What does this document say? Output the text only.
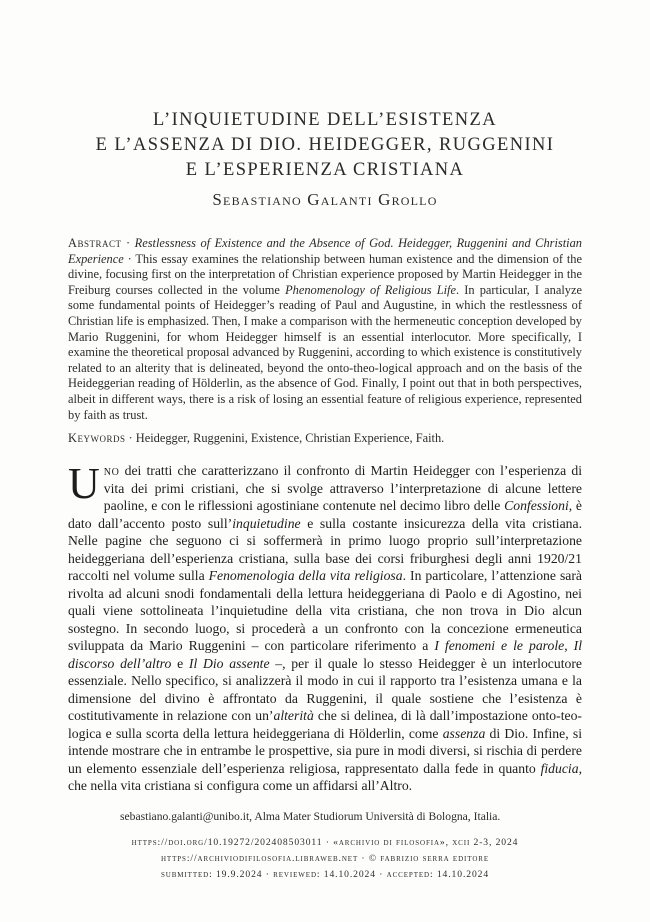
L’INQUIETUDINE DELL’ESISTENZA
E L’ASSENZA DI DIO. HEIDEGGER, RUGGENINI
E L’ESPERIENZA CRISTIANA
Sebastiano Galanti Grollo
Abstract · Restlessness of Existence and the Absence of God. Heidegger, Ruggenini and Christian Experience · This essay examines the relationship between human existence and the dimension of the divine, focusing first on the interpretation of Christian experience proposed by Martin Heidegger in the Freiburg courses collected in the volume Phenomenology of Religious Life. In particular, I analyze some fundamental points of Heidegger’s reading of Paul and Augustine, in which the restlessness of Christian life is emphasized. Then, I make a comparison with the hermeneutic conception developed by Mario Ruggenini, for whom Heidegger himself is an essential interlocutor. More specifically, I examine the theoretical proposal advanced by Ruggenini, according to which existence is constitutively related to an alterity that is delineated, beyond the onto-theo-logical approach and on the basis of the Heideggerian reading of Hölderlin, as the absence of God. Finally, I point out that in both perspectives, albeit in different ways, there is a risk of losing an essential feature of religious experience, represented by faith as trust.
Keywords · Heidegger, Ruggenini, Existence, Christian Experience, Faith.
Uno dei tratti che caratterizzano il confronto di Martin Heidegger con l’esperienza di vita dei primi cristiani, che si svolge attraverso l’interpretazione di alcune lettere paoline, e con le riflessioni agostiniane contenute nel decimo libro delle Confessioni, è dato dall’accento posto sull’inquietudine e sulla costante insicurezza della vita cristiana. Nelle pagine che seguono ci si soffermerà in primo luogo proprio sull’interpretazione heideggeriana dell’esperienza cristiana, sulla base dei corsi friburghesi degli anni 1920/21 raccolti nel volume sulla Fenomenologia della vita religiosa. In particolare, l’attenzione sarà rivolta ad alcuni snodi fondamentali della lettura heideggeriana di Paolo e di Agostino, nei quali viene sottolineata l’inquietudine della vita cristiana, che non trova in Dio alcun sostegno. In secondo luogo, si procederà a un confronto con la concezione ermeneutica sviluppata da Mario Ruggenini – con particolare riferimento a I fenomeni e le parole, Il discorso dell’altro e Il Dio assente –, per il quale lo stesso Heidegger è un interlocutore essenziale. Nello specifico, si analizzerà il modo in cui il rapporto tra l’esistenza umana e la dimensione del divino è affrontato da Ruggenini, il quale sostiene che l’esistenza è costitutivamente in relazione con un’alterità che si delinea, di là dall’impostazione onto-teo-logica e sulla scorta della lettura heideggeriana di Hölderlin, come assenza di Dio. Infine, si intende mostrare che in entrambe le prospettive, sia pure in modi diversi, si rischia di perdere un elemento essenziale dell’esperienza religiosa, rappresentato dalla fede in quanto fiducia, che nella vita cristiana si configura come un affidarsi all’Altro.
sebastiano.galanti@unibo.it, Alma Mater Studiorum Università di Bologna, Italia.
https://doi.org/10.19272/202408503011 · «archivio di filosofia», xcii 2-3, 2024
https://archiviodifilosofia.libraweb.net · © fabrizio serra editore
submitted: 19.9.2024 · reviewed: 14.10.2024 · accepted: 14.10.2024
